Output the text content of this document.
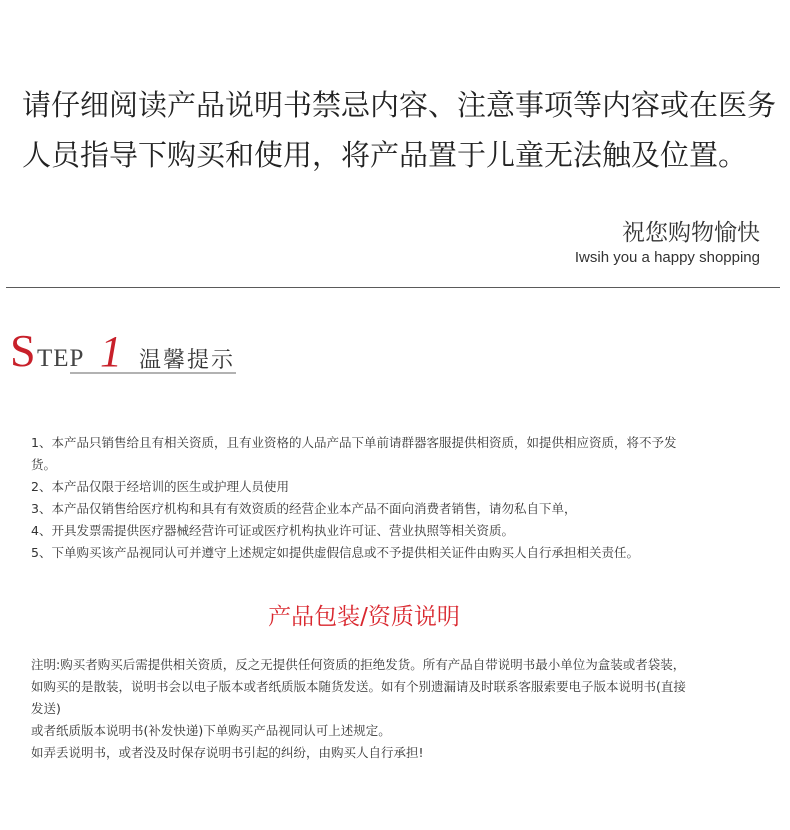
请仔细阅读产品说明书禁忌内容、注意事项等内容或在医务

人员指导下购买和使用，将产品置于儿童无法触及位置。

祝您购物愉快
Iwsih you a happy shopping
S TEP 1 温馨提示

1、本产品只销售给且有相关资质，且有业资格的人品产品下单前请群器客服提供相资质，如提供相应资质，将不予发

货。

2、本产品仅限于经培训的医生或护理人员使用

3、本产品仅销售给医疗机构和具有有效资质的经营企业本产品不面向消费者销售，请勿私自下单，

4、开具发票需提供医疗器械经营许可证或医疗机构执业许可证、营业执照等相关资质。

5、下单购买该产品视同认可并遵守上述规定如提供虚假信息或不予提供相关证件由购买人自行承担相关责任。

产品包装/资质说明

注明:购买者购买后需提供相关资质，反之无提供任何资质的拒绝发货。所有产品自带说明书最小单位为盒装或者袋装，

如购买的是散装，说明书会以电子版本或者纸质版本随货发送。如有个别遗漏请及时联系客服索要电子版本说明书(直接

发送)

或者纸质版本说明书(补发快递)下单购买产品视同认可上述规定。

如弄丢说明书，或者没及时保存说明书引起的纠纷，由购买人自行承担!
